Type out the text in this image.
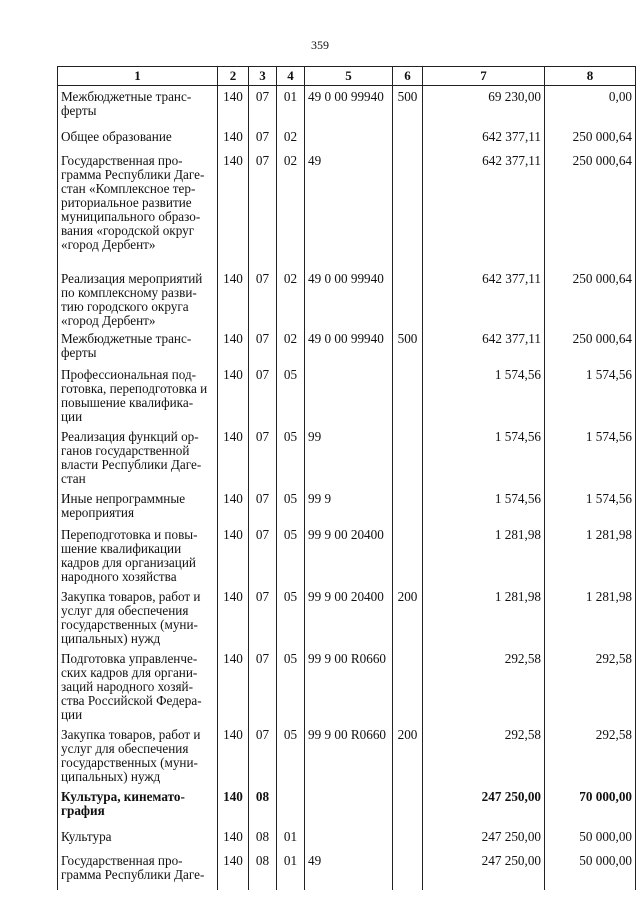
359
1	2	3	4	5	6	7	8
Межбюджетные транс-ферты	140	07	01	49 0 00 99940	500	69 230,00	0,00
Общее образование	140	07	02			642 377,11	250 000,64
Государственная про-грамма Республики Даге-стан «Комплексное тер-риториальное развитие муниципального образо-вания «городской округ «город Дербент»	140	07	02	49		642 377,11	250 000,64
Реализация мероприятий по комплексному разви-тию городского округа «город Дербент»	140	07	02	49 0 00 99940		642 377,11	250 000,64
Межбюджетные транс-ферты	140	07	02	49 0 00 99940	500	642 377,11	250 000,64
Профессиональная под-готовка, переподготовка и повышение квалифика-ции	140	07	05			1 574,56	1 574,56
Реализация функций ор-ганов государственной власти Республики Даге-стан	140	07	05	99		1 574,56	1 574,56
Иные непрограммные мероприятия	140	07	05	99 9		1 574,56	1 574,56
Переподготовка и повы-шение квалификации кадров для организаций народного хозяйства	140	07	05	99 9 00 20400		1 281,98	1 281,98
Закупка товаров, работ и услуг для обеспечения государственных (муни-ципальных) нужд	140	07	05	99 9 00 20400	200	1 281,98	1 281,98
Подготовка управленче-ских кадров для органи-заций народного хозяй-ства Российской Федера-ции	140	07	05	99 9 00 R0660		292,58	292,58
Закупка товаров, работ и услуг для обеспечения государственных (муни-ципальных) нужд	140	07	05	99 9 00 R0660	200	292,58	292,58
Культура, кинемато-графия	140	08				247 250,00	70 000,00
Культура	140	08	01			247 250,00	50 000,00
Государственная про-грамма Республики Даге-	140	08	01	49		247 250,00	50 000,00
